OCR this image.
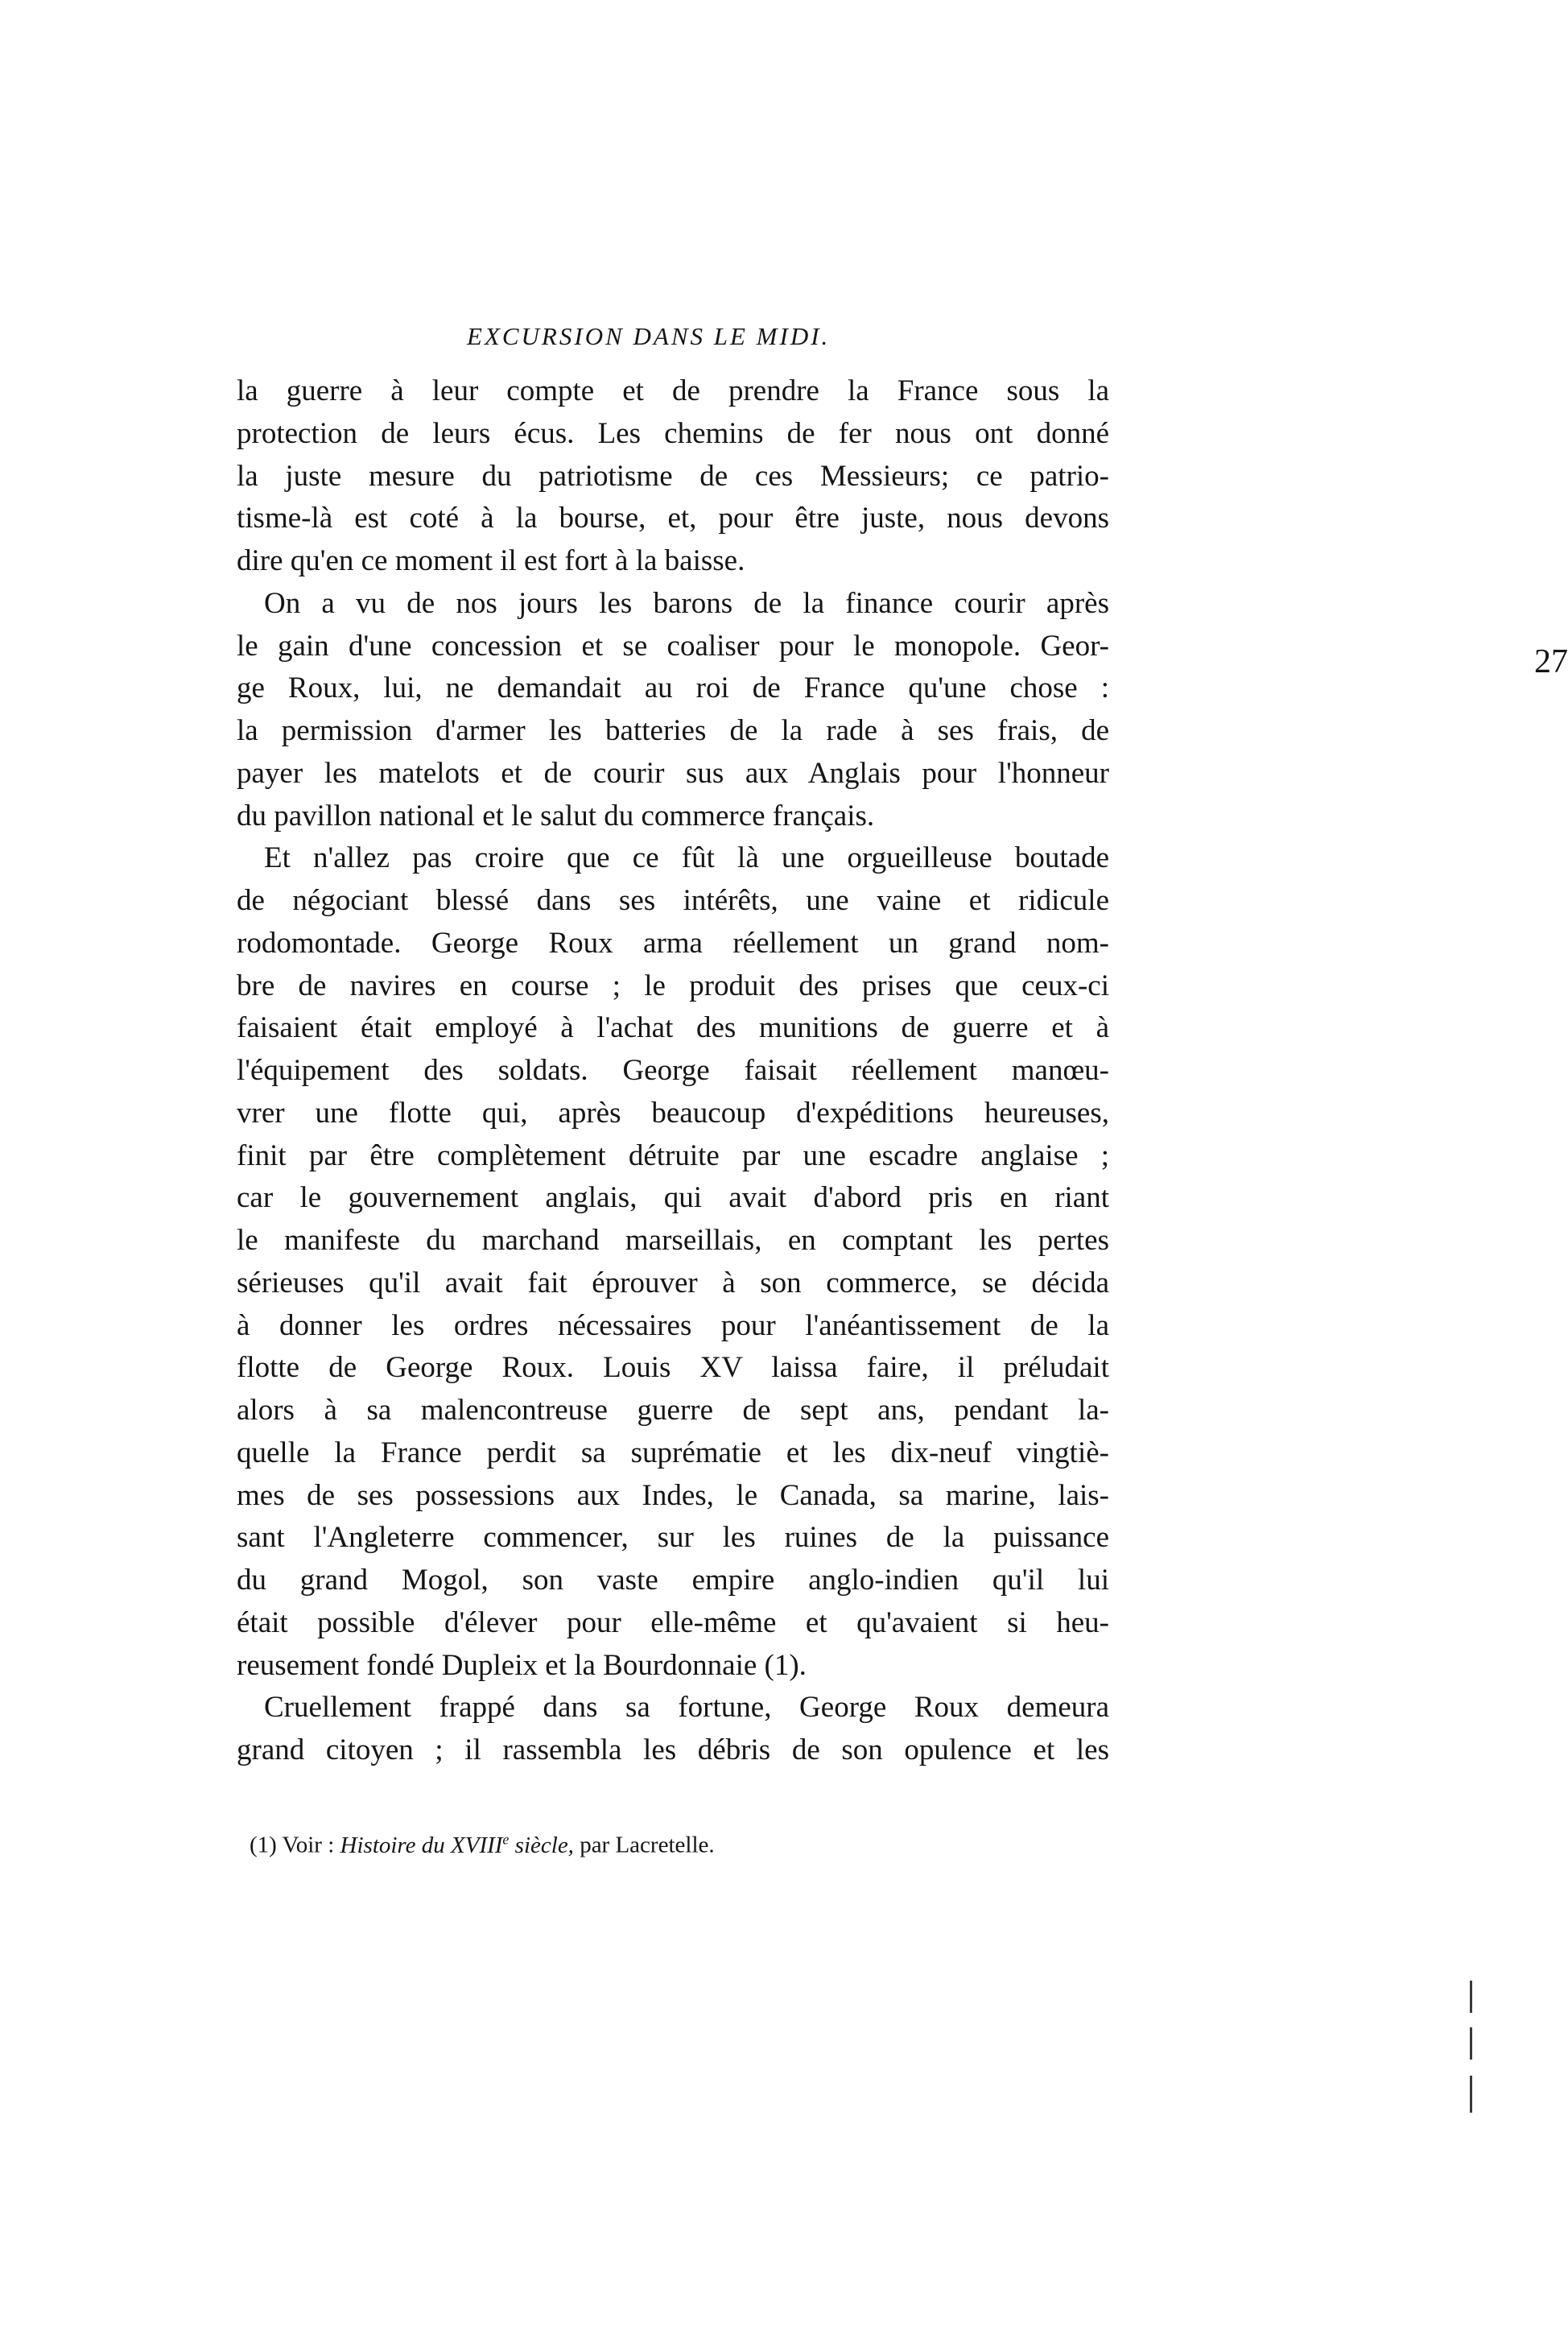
EXCURSION DANS LE MIDI.
27
la guerre à leur compte et de prendre la France sous la
protection de leurs écus. Les chemins de fer nous ont donné
la juste mesure du patriotisme de ces Messieurs; ce patrio-
tisme-là est coté à la bourse, et, pour être juste, nous devons
dire qu'en ce moment il est fort à la baisse.
On a vu de nos jours les barons de la finance courir après
le gain d'une concession et se coaliser pour le monopole. Geor-
ge Roux, lui, ne demandait au roi de France qu'une chose :
la permission d'armer les batteries de la rade à ses frais, de
payer les matelots et de courir sus aux Anglais pour l'honneur
du pavillon national et le salut du commerce français.
Et n'allez pas croire que ce fût là une orgueilleuse boutade
de négociant blessé dans ses intérêts, une vaine et ridicule
rodomontade. George Roux arma réellement un grand nom-
bre de navires en course ; le produit des prises que ceux-ci
faisaient était employé à l'achat des munitions de guerre et à
l'équipement des soldats. George faisait réellement manœu-
vrer une flotte qui, après beaucoup d'expéditions heureuses,
finit par être complètement détruite par une escadre anglaise ;
car le gouvernement anglais, qui avait d'abord pris en riant
le manifeste du marchand marseillais, en comptant les pertes
sérieuses qu'il avait fait éprouver à son commerce, se décida
à donner les ordres nécessaires pour l'anéantissement de la
flotte de George Roux. Louis XV laissa faire, il préludait
alors à sa malencontreuse guerre de sept ans, pendant la-
quelle la France perdit sa suprématie et les dix-neuf vingtiè-
mes de ses possessions aux Indes, le Canada, sa marine, lais-
sant l'Angleterre commencer, sur les ruines de la puissance
du grand Mogol, son vaste empire anglo-indien qu'il lui
était possible d'élever pour elle-même et qu'avaient si heu-
reusement fondé Dupleix et la Bourdonnaie (1).
Cruellement frappé dans sa fortune, George Roux demeura
grand citoyen ; il rassembla les débris de son opulence et les
(1) Voir : Histoire du XVIIIe siècle, par Lacretelle.
